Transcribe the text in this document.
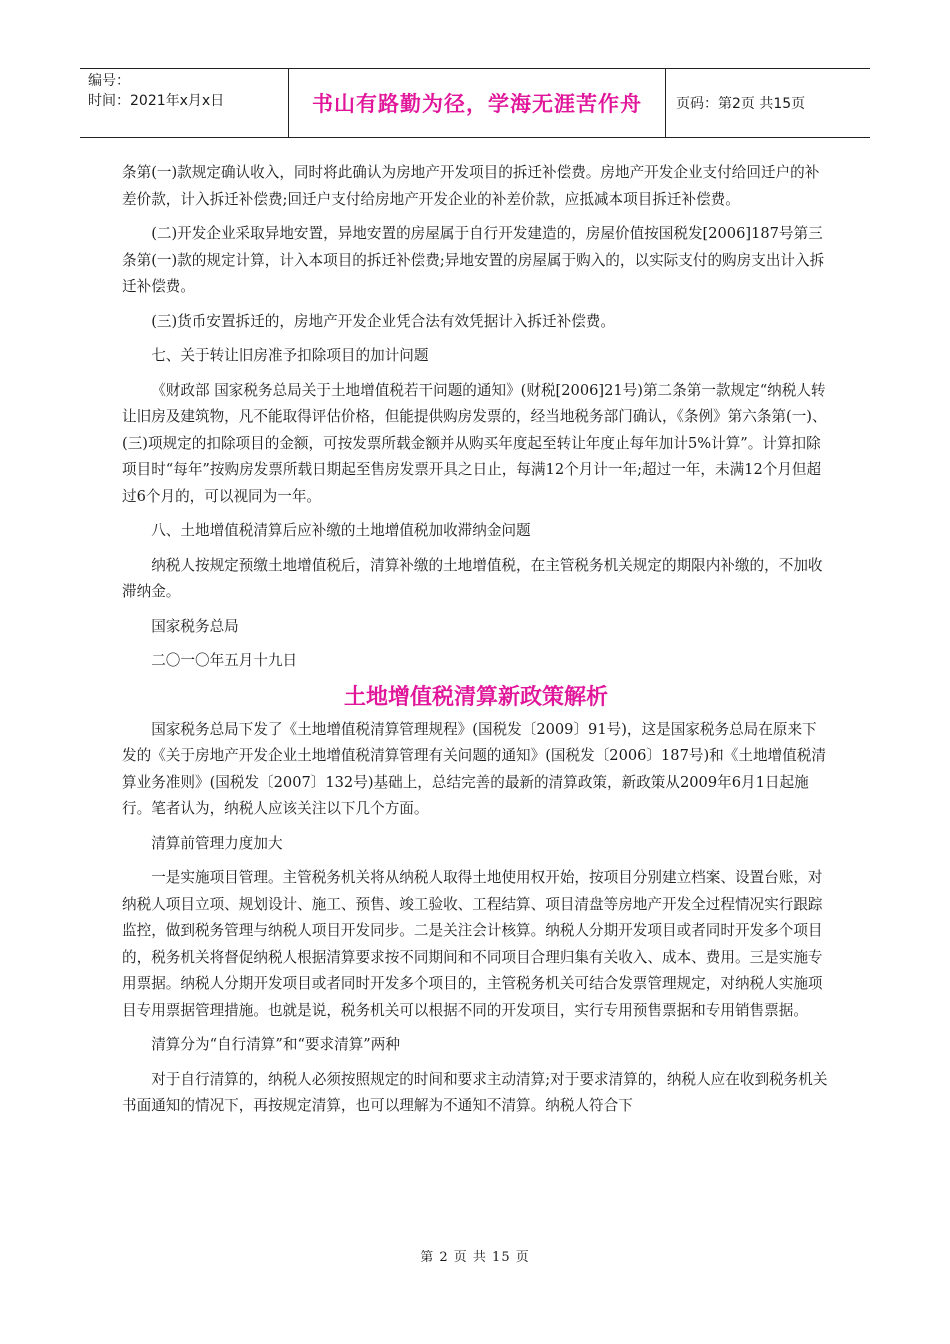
编号：
时间：2021年x月x日	书山有路勤为径，学海无涯苦作舟	页码：第2页 共15页

条第(一)款规定确认收入，同时将此确认为房地产开发项目的拆迁补偿费。房地产开发企业支付给回迁户的补差价款，计入拆迁补偿费;回迁户支付给房地产开发企业的补差价款，应抵减本项目拆迁补偿费。

(二)开发企业采取异地安置，异地安置的房屋属于自行开发建造的，房屋价值按国税发[2006]187号第三条第(一)款的规定计算，计入本项目的拆迁补偿费;异地安置的房屋属于购入的，以实际支付的购房支出计入拆迁补偿费。

(三)货币安置拆迁的，房地产开发企业凭合法有效凭据计入拆迁补偿费。

七、关于转让旧房准予扣除项目的加计问题

《财政部 国家税务总局关于土地增值税若干问题的通知》(财税[2006]21号)第二条第一款规定“纳税人转让旧房及建筑物，凡不能取得评估价格，但能提供购房发票的，经当地税务部门确认，《条例》第六条第(一)、(三)项规定的扣除项目的金额，可按发票所载金额并从购买年度起至转让年度止每年加计5%计算”。计算扣除项目时“每年”按购房发票所载日期起至售房发票开具之日止，每满12个月计一年;超过一年，未满12个月但超过6个月的，可以视同为一年。

八、土地增值税清算后应补缴的土地增值税加收滞纳金问题

纳税人按规定预缴土地增值税后，清算补缴的土地增值税，在主管税务机关规定的期限内补缴的，不加收滞纳金。

国家税务总局

二〇一〇年五月十九日

土地增值税清算新政策解析

国家税务总局下发了《土地增值税清算管理规程》(国税发〔2009〕91号)，这是国家税务总局在原来下发的《关于房地产开发企业土地增值税清算管理有关问题的通知》(国税发〔2006〕187号)和《土地增值税清算业务准则》(国税发〔2007〕132号)基础上，总结完善的最新的清算政策，新政策从2009年6月1日起施行。笔者认为，纳税人应该关注以下几个方面。

清算前管理力度加大

一是实施项目管理。主管税务机关将从纳税人取得土地使用权开始，按项目分别建立档案、设置台账，对纳税人项目立项、规划设计、施工、预售、竣工验收、工程结算、项目清盘等房地产开发全过程情况实行跟踪监控，做到税务管理与纳税人项目开发同步。二是关注会计核算。纳税人分期开发项目或者同时开发多个项目的，税务机关将督促纳税人根据清算要求按不同期间和不同项目合理归集有关收入、成本、费用。三是实施专用票据。纳税人分期开发项目或者同时开发多个项目的，主管税务机关可结合发票管理规定，对纳税人实施项目专用票据管理措施。也就是说，税务机关可以根据不同的开发项目，实行专用预售票据和专用销售票据。

清算分为“自行清算”和“要求清算”两种

对于自行清算的，纳税人必须按照规定的时间和要求主动清算;对于要求清算的，纳税人应在收到税务机关书面通知的情况下，再按规定清算，也可以理解为不通知不清算。纳税人符合下

第 2 页 共 15 页
